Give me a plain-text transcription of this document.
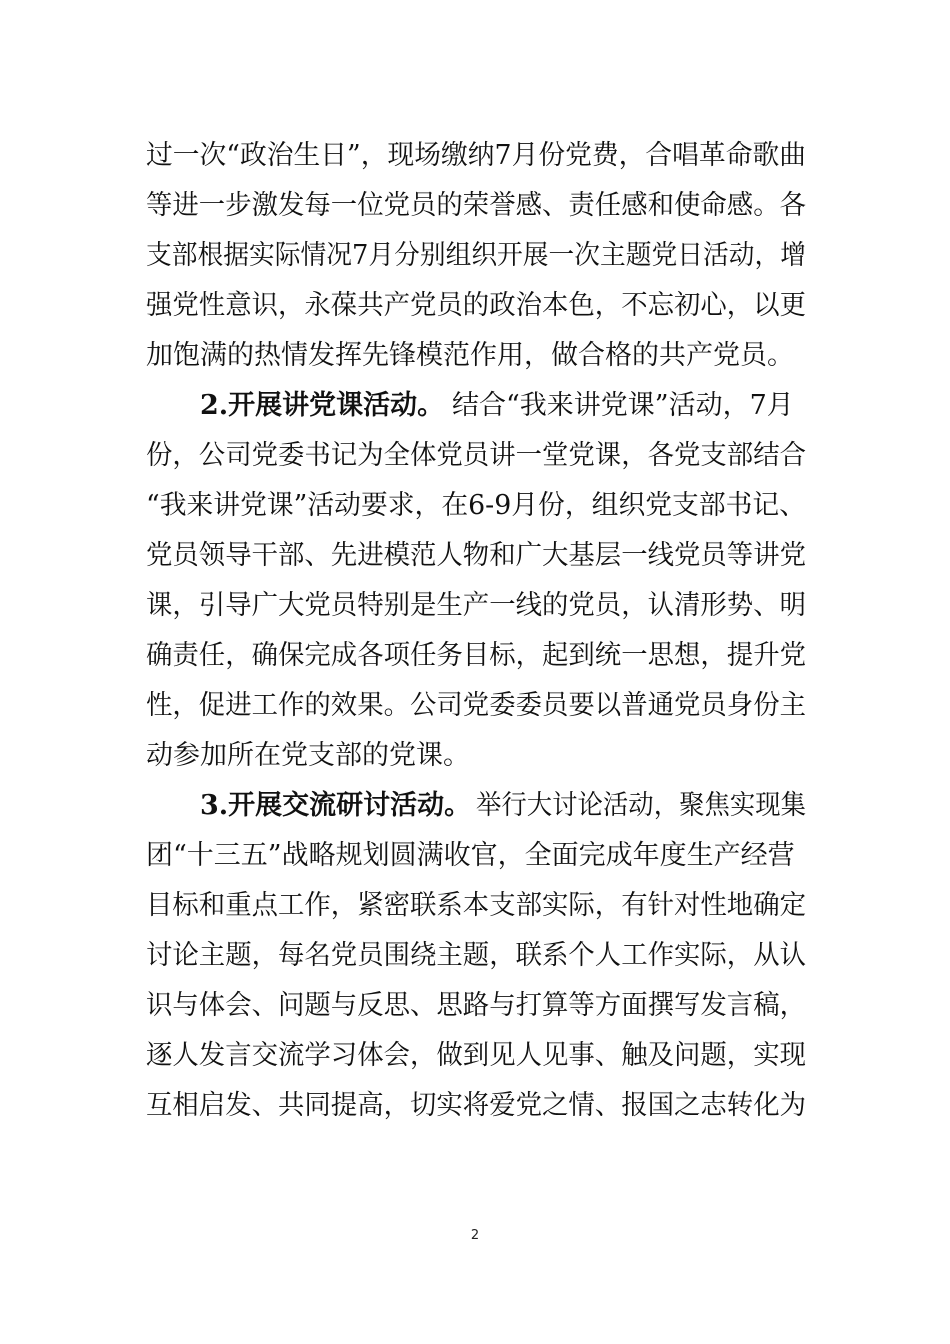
过一次“政治生日”，现场缴纳7月份党费，合唱革命歌曲
等进一步激发每一位党员的荣誉感、责任感和使命感。各
支部根据实际情况7月分别组织开展一次主题党日活动，增
强党性意识，永葆共产党员的政治本色，不忘初心，以更
加饱满的热情发挥先锋模范作用，做合格的共产党员。
2.开展讲党课活动。 结合“我来讲党课”活动，7月
份，公司党委书记为全体党员讲一堂党课，各党支部结合
“我来讲党课”活动要求，在6-9月份，组织党支部书记、
党员领导干部、先进模范人物和广大基层一线党员等讲党
课，引导广大党员特别是生产一线的党员，认清形势、明
确责任，确保完成各项任务目标，起到统一思想，提升党
性，促进工作的效果。公司党委委员要以普通党员身份主
动参加所在党支部的党课。
3.开展交流研讨活动。 举行大讨论活动，聚焦实现集
团“十三五”战略规划圆满收官，全面完成年度生产经营
目标和重点工作，紧密联系本支部实际，有针对性地确定
讨论主题，每名党员围绕主题，联系个人工作实际，从认
识与体会、问题与反思、思路与打算等方面撰写发言稿，
逐人发言交流学习体会，做到见人见事、触及问题，实现
互相启发、共同提高，切实将爱党之情、报国之志转化为
2
